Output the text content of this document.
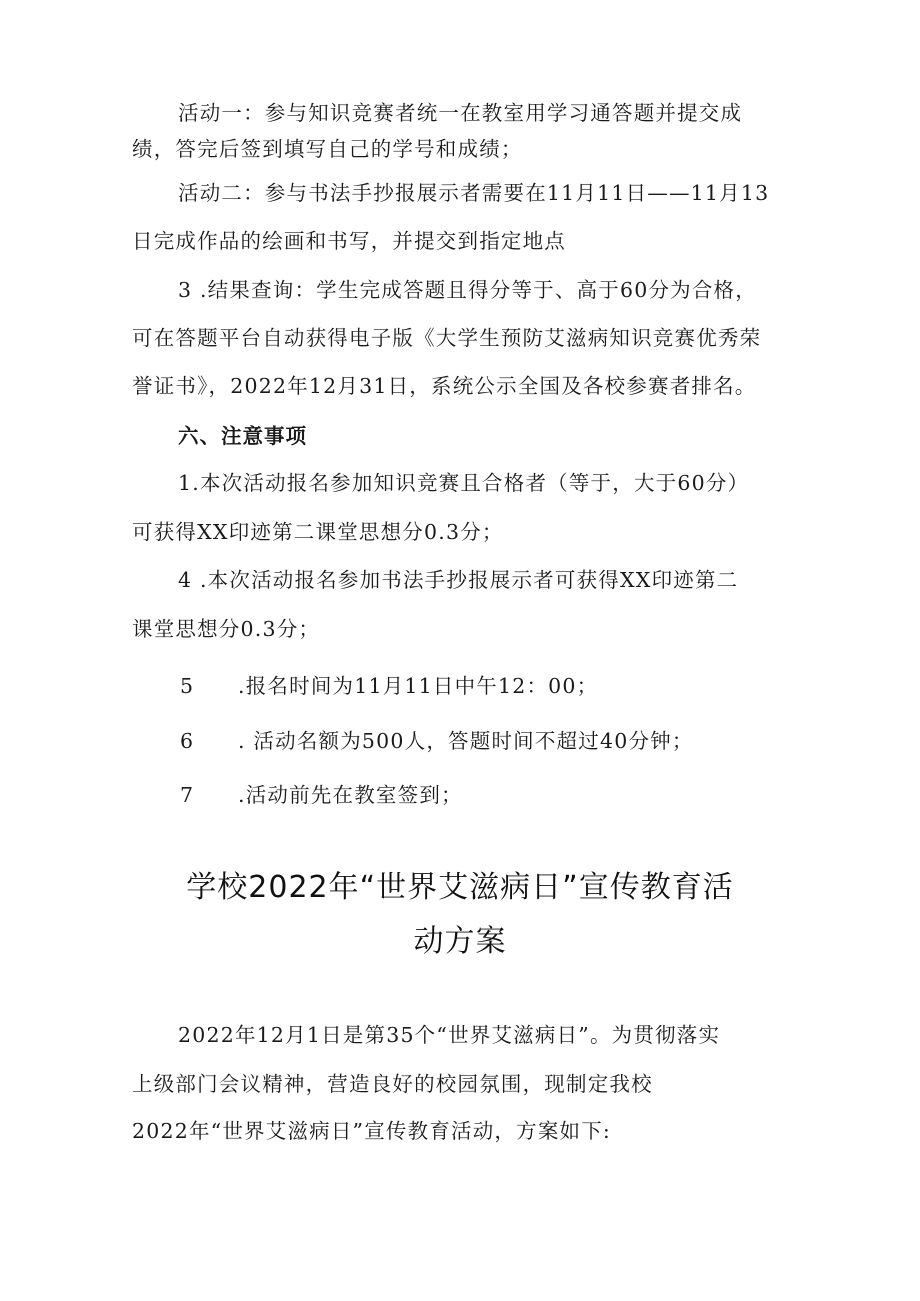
活动一：参与知识竞赛者统一在教室用学习通答题并提交成
绩，答完后签到填写自己的学号和成绩；
活动二：参与书法手抄报展示者需要在11月11日——11月13
日完成作品的绘画和书写，并提交到指定地点
3 .结果查询：学生完成答题且得分等于、高于60分为合格，
可在答题平台自动获得电子版《大学生预防艾滋病知识竞赛优秀荣
誉证书》，2022年12月31日，系统公示全国及各校参赛者排名。
六、注意事项
1.本次活动报名参加知识竞赛且合格者（等于，大于60分）
可获得XX印迹第二课堂思想分0.3分；
4 .本次活动报名参加书法手抄报展示者可获得XX印迹第二
课堂思想分0.3分；
5 .报名时间为11月11日中午12：00；
6 . 活动名额为500人，答题时间不超过40分钟；
7 .活动前先在教室签到；
学校2022年“世界艾滋病日”宣传教育活
动方案
2022年12月1日是第35个“世界艾滋病日”。为贯彻落实
上级部门会议精神，营造良好的校园氛围，现制定我校
2022年“世界艾滋病日”宣传教育活动，方案如下:
